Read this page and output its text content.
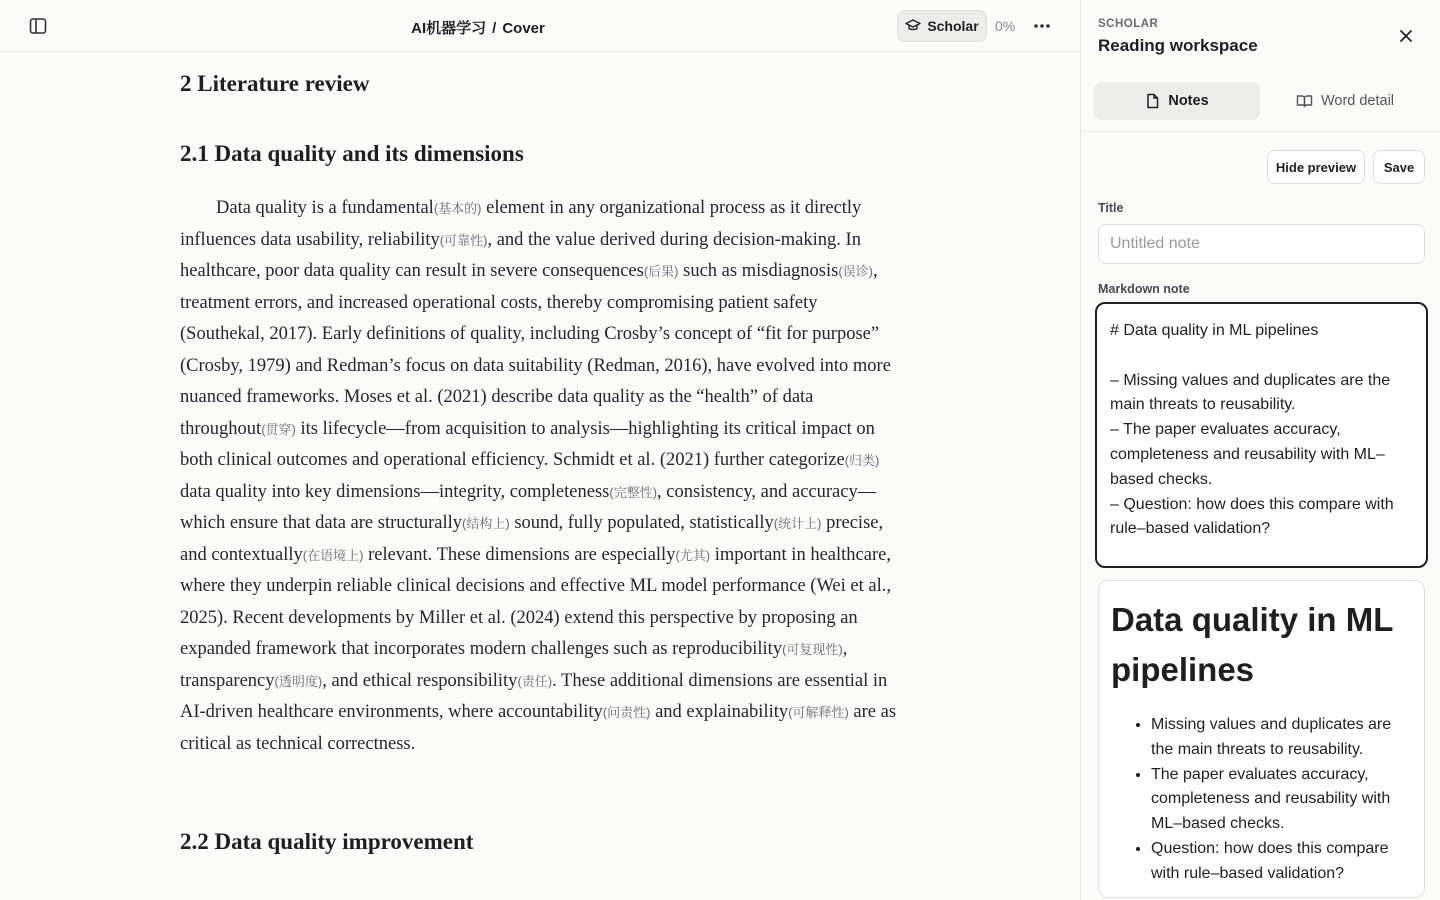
AI机器学习 / Cover	Scholar 0%
2 Literature review
2.1 Data quality and its dimensions

Data quality is a fundamental(基本的) element in any organizational process as it directly influences data usability, reliability(可靠性), and the value derived during decision-making. In healthcare, poor data quality can result in severe consequences(后果) such as misdiagnosis(误诊), treatment errors, and increased operational costs, thereby compromising patient safety (Southekal, 2017). Early definitions of quality, including Crosby’s concept of “fit for purpose” (Crosby, 1979) and Redman’s focus on data suitability (Redman, 2016), have evolved into more nuanced frameworks. Moses et al. (2021) describe data quality as the “health” of data throughout(贯穿) its lifecycle—from acquisition to analysis—highlighting its critical impact on both clinical outcomes and operational efficiency. Schmidt et al. (2021) further categorize(归类) data quality into key dimensions—integrity, completeness(完整性), consistency, and accuracy—which ensure that data are structurally(结构上) sound, fully populated, statistically(统计上) precise, and contextually(在语境上) relevant. These dimensions are especially(尤其) important in healthcare, where they underpin reliable clinical decisions and effective ML model performance (Wei et al., 2025). Recent developments by Miller et al. (2024) extend this perspective by proposing an expanded framework that incorporates modern challenges such as reproducibility(可复现性), transparency(透明度), and ethical responsibility(责任). These additional dimensions are essential in AI-driven healthcare environments, where accountability(问责性) and explainability(可解释性) are as critical as technical correctness.

2.2 Data quality improvement
SCHOLAR
Reading workspace
Notes	Word detail
Hide preview	Save
Title
Untitled note
Markdown note
# Data quality in ML pipelines – Missing values and duplicates are the main threats to reusability. – The paper evaluates accuracy, completeness and reusability with ML–based checks. – Question: how does this compare with rule–based validation?
Data quality in ML pipelines
• Missing values and duplicates are the main threats to reusability.
• The paper evaluates accuracy, completeness and reusability with ML–based checks.
• Question: how does this compare with rule–based validation?
